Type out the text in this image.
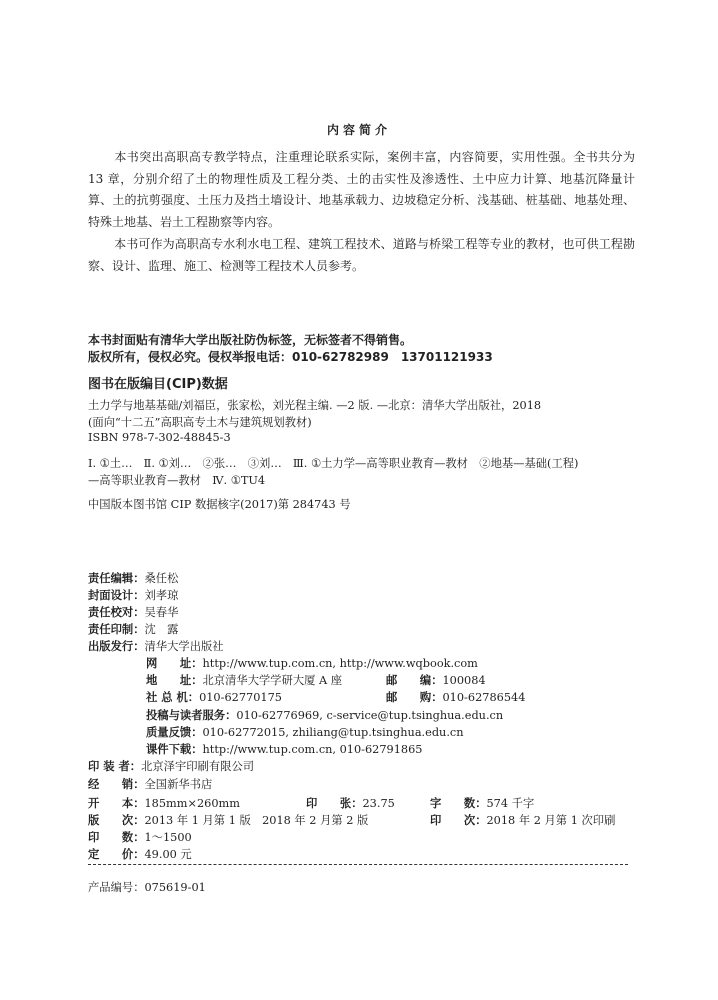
内容简介
本书突出高职高专教学特点，注重理论联系实际，案例丰富，内容简要，实用性强。全书共分为 13 章，分别介绍了土的物理性质及工程分类、土的击实性及渗透性、土中应力计算、地基沉降量计算、土的抗剪强度、土压力及挡土墙设计、地基承载力、边坡稳定分析、浅基础、桩基础、地基处理、特殊土地基、岩土工程勘察等内容。
本书可作为高职高专水利水电工程、建筑工程技术、道路与桥梁工程等专业的教材，也可供工程勘察、设计、监理、施工、检测等工程技术人员参考。
本书封面贴有清华大学出版社防伪标签，无标签者不得销售。
版权所有，侵权必究。侵权举报电话：010-62782989　13701121933
图书在版编目(CIP)数据
土力学与地基基础/刘福臣，张家松，刘光程主编. —2 版. —北京：清华大学出版社，2018
(面向“十二五”高职高专土木与建筑规划教材)
ISBN 978-7-302-48845-3
Ⅰ. ①土…　Ⅱ. ①刘…　②张…　③刘…　Ⅲ. ①土力学—高等职业教育—教材　②地基—基础(工程)
—高等职业教育—教材　Ⅳ. ①TU4
中国版本图书馆 CIP 数据核字(2017)第 284743 号
责任编辑：桑任松
封面设计：刘孝琼
责任校对：吴春华
责任印制：沈　露
出版发行：清华大学出版社
网　　址：http://www.tup.com.cn, http://www.wqbook.com
地　　址：北京清华大学学研大厦 A 座	邮　　编：100084
社 总 机：010-62770175	邮　　购：010-62786544
投稿与读者服务：010-62776969, c-service@tup.tsinghua.edu.cn
质量反馈：010-62772015, zhiliang@tup.tsinghua.edu.cn
课件下载：http://www.tup.com.cn, 010-62791865
印 装 者：北京泽宇印刷有限公司
经　　销：全国新华书店
开　　本：185mm×260mm	印　　张：23.75	字　　数：574 千字
版　　次：2013 年 1 月第 1 版　2018 年 2 月第 2 版	印　　次：2018 年 2 月第 1 次印刷
印　　数：1～1500
定　　价：49.00 元
产品编号：075619-01
